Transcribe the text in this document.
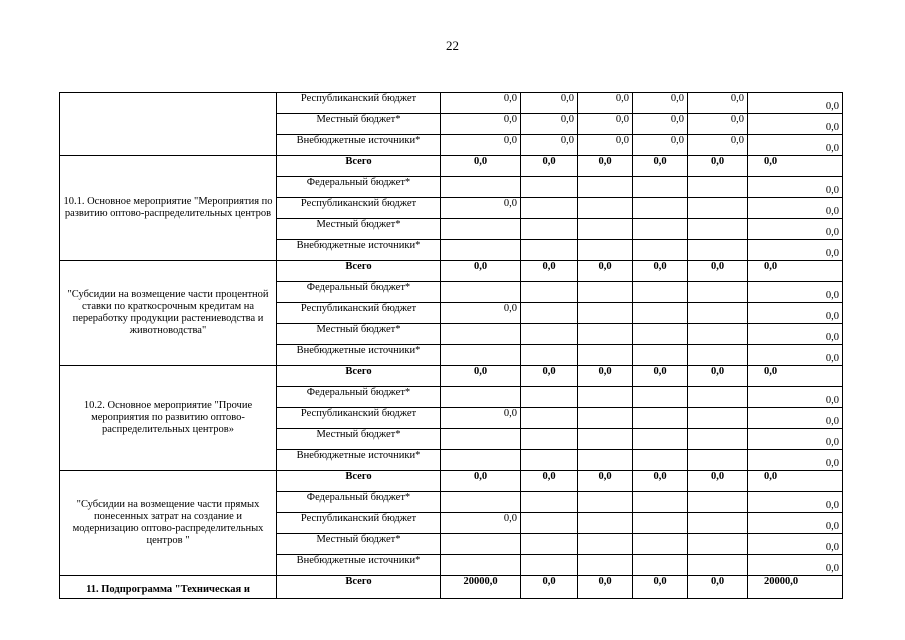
22
	Республиканский бюджет	0,0	0,0	0,0	0,0	0,0	0,0
	Местный бюджет*	0,0	0,0	0,0	0,0	0,0	0,0
	Внебюджетные источники*	0,0	0,0	0,0	0,0	0,0	0,0
10.1. Основное мероприятие "Мероприятия по развитию оптово-распределительных центров	Всего	0,0	0,0	0,0	0,0	0,0	0,0
	Федеральный бюджет*						0,0
	Республиканский бюджет	0,0					0,0
	Местный бюджет*						0,0
	Внебюджетные источники*						0,0
"Субсидии на возмещение части процентной ставки по краткосрочным кредитам на переработку продукции растениеводства и животноводства"	Всего	0,0	0,0	0,0	0,0	0,0	0,0
	Федеральный бюджет*						0,0
	Республиканский бюджет	0,0					0,0
	Местный бюджет*						0,0
	Внебюджетные источники*						0,0
10.2. Основное мероприятие "Прочие мероприятия по развитию оптово-распределительных центров»	Всего	0,0	0,0	0,0	0,0	0,0	0,0
	Федеральный бюджет*						0,0
	Республиканский бюджет	0,0					0,0
	Местный бюджет*						0,0
	Внебюджетные источники*						0,0
"Субсидии на возмещение части прямых понесенных затрат на создание и модернизацию оптово-распределительных центров "	Всего	0,0	0,0	0,0	0,0	0,0	0,0
	Федеральный бюджет*						0,0
	Республиканский бюджет	0,0					0,0
	Местный бюджет*						0,0
	Внебюджетные источники*						0,0
11. Подпрограмма "Техническая и	Всего	20000,0	0,0	0,0	0,0	0,0	20000,0
